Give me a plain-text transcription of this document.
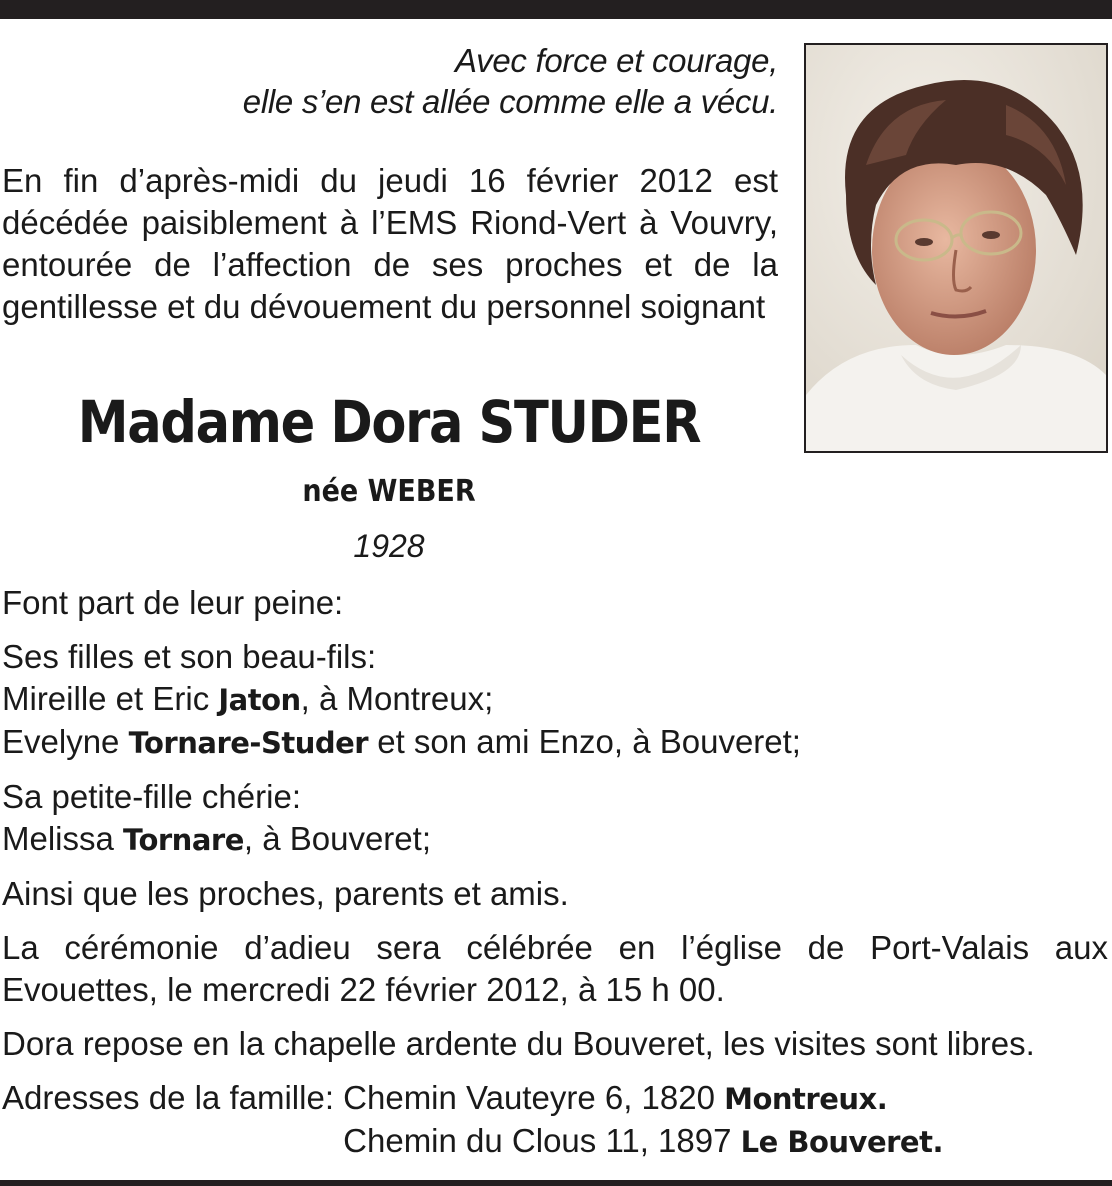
Avec force et courage,
elle s’en est allée comme elle a vécu.

En fin d’après-midi du jeudi 16 février 2012 est décédée paisiblement à l’EMS Riond-Vert à Vouvry, entourée de l’affection de ses proches et de la gentillesse et du dévouement du personnel soignant

Madame Dora STUDER
née WEBER
1928

Font part de leur peine:

Ses filles et son beau-fils:
Mireille et Eric Jaton, à Montreux;
Evelyne Tornare-Studer et son ami Enzo, à Bouveret;

Sa petite-fille chérie:
Melissa Tornare, à Bouveret;

Ainsi que les proches, parents et amis.

La cérémonie d’adieu sera célébrée en l’église de Port-Valais aux Evouettes, le mercredi 22 février 2012, à 15 h 00.

Dora repose en la chapelle ardente du Bouveret, les visites sont libres.

Adresses de la famille: Chemin Vauteyre 6, 1820 Montreux.
Chemin du Clous 11, 1897 Le Bouveret.
